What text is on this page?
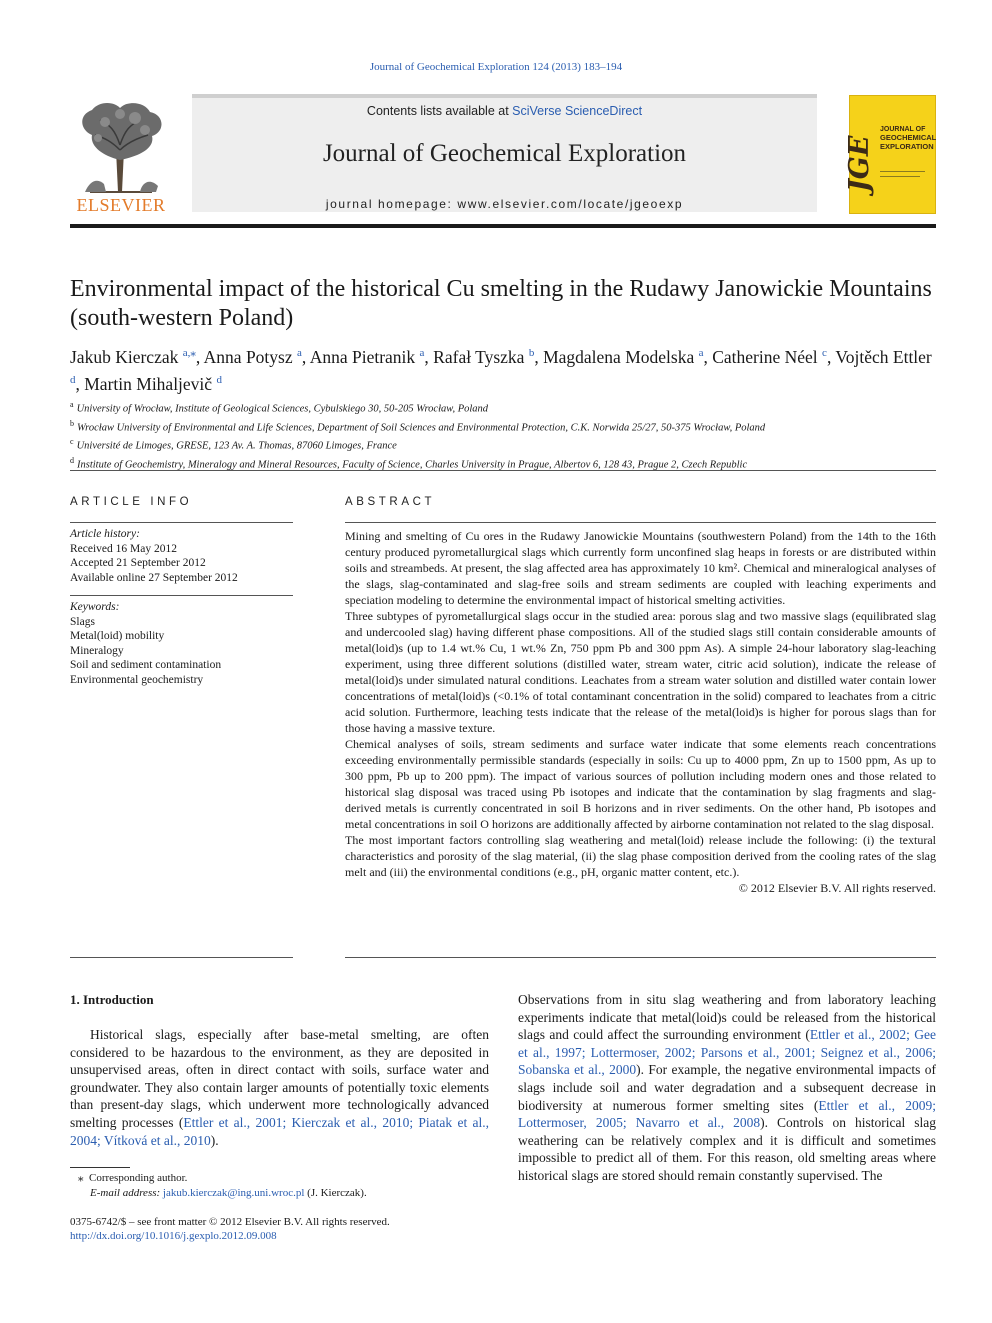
Journal of Geochemical Exploration 124 (2013) 183–194
ELSEVIER
Contents lists available at SciVerse ScienceDirect
Journal of Geochemical Exploration
journal homepage: www.elsevier.com/locate/jgeoexp
JGE
JOURNAL OF
GEOCHEMICAL
EXPLORATION
Environmental impact of the historical Cu smelting in the Rudawy Janowickie Mountains (south-western Poland)
Jakub Kierczak $^{a,⁎}$, Anna Potysz $^a$, Anna Pietranik $^a$, Rafał Tyszka $^b$, Magdalena Modelska $^a$, Catherine Néel $^c$, Vojtěch Ettler $^d$, Martin Mihaljevič $^d$
$^a$ University of Wrocław, Institute of Geological Sciences, Cybulskiego 30, 50-205 Wrocław, Poland
$^b$ Wrocław University of Environmental and Life Sciences, Department of Soil Sciences and Environmental Protection, C.K. Norwida 25/27, 50-375 Wrocław, Poland
$^c$ Université de Limoges, GRESE, 123 Av. A. Thomas, 87060 Limoges, France
$^d$ Institute of Geochemistry, Mineralogy and Mineral Resources, Faculty of Science, Charles University in Prague, Albertov 6, 128 43, Prague 2, Czech Republic
ARTICLE INFO
Article history:
Received 16 May 2012
Accepted 21 September 2012
Available online 27 September 2012
Keywords:
Slags
Metal(loid) mobility
Mineralogy
Soil and sediment contamination
Environmental geochemistry
ABSTRACT

Mining and smelting of Cu ores in the Rudawy Janowickie Mountains (southwestern Poland) from the 14th to the 16th century produced pyrometallurgical slags which currently form unconfined slag heaps in forests or are distributed within soils and streambeds. At present, the slag affected area has approximately 10 km². Chemical and mineralogical analyses of the slags, slag-contaminated and slag-free soils and stream sediments are coupled with leaching experiments and speciation modeling to determine the environmental impact of historical smelting activities.

Three subtypes of pyrometallurgical slags occur in the studied area: porous slag and two massive slags (equilibrated slag and undercooled slag) having different phase compositions. All of the studied slags still contain considerable amounts of metal(loid)s (up to 1.4 wt.% Cu, 1 wt.% Zn, 750 ppm Pb and 300 ppm As). A simple 24-hour laboratory slag-leaching experiment, using three different solutions (distilled water, stream water, citric acid solution), indicate the release of metal(loid)s under simulated natural conditions. Leachates from a stream water solution and distilled water contain lower concentrations of metal(loid)s (<0.1% of total contaminant concentration in the solid) compared to leachates from a citric acid solution. Furthermore, leaching tests indicate that the release of the metal(loid)s is higher for porous slags than for those having a massive texture.

Chemical analyses of soils, stream sediments and surface water indicate that some elements reach concentrations exceeding environmentally permissible standards (especially in soils: Cu up to 4000 ppm, Zn up to 1500 ppm, As up to 300 ppm, Pb up to 200 ppm). The impact of various sources of pollution including modern ones and those related to historical slag disposal was traced using Pb isotopes and indicate that the contamination by slag fragments and slag-derived metals is currently concentrated in soil B horizons and in river sediments. On the other hand, Pb isotopes and metal concentrations in soil O horizons are additionally affected by airborne contamination not related to the slag disposal.

The most important factors controlling slag weathering and metal(loid) release include the following: (i) the textural characteristics and porosity of the slag material, (ii) the slag phase composition derived from the cooling rates of the slag melt and (iii) the environmental conditions (e.g., pH, organic matter content, etc.).

© 2012 Elsevier B.V. All rights reserved.

1. Introduction

Historical slags, especially after base-metal smelting, are often considered to be hazardous to the environment, as they are deposited in unsupervised areas, often in direct contact with soils, surface water and groundwater. They also contain larger amounts of potentially toxic elements than present-day slags, which underwent more technologically advanced smelting processes (Ettler et al., 2001; Kierczak et al., 2010; Piatak et al., 2004; Vítková et al., 2010).

Observations from in situ slag weathering and from laboratory leaching experiments indicate that metal(loid)s could be released from the historical slags and could affect the surrounding environment (Ettler et al., 2002; Gee et al., 1997; Lottermoser, 2002; Parsons et al., 2001; Seignez et al., 2006; Sobanska et al., 2000). For example, the negative environmental impacts of slags include soil and water degradation and a subsequent decrease in biodiversity at numerous former smelting sites (Ettler et al., 2009; Lottermoser, 2005; Navarro et al., 2008). Controls on historical slag weathering can be relatively complex and it is difficult and sometimes impossible to predict all of them. For this reason, old smelting areas where historical slags are stored should remain constantly supervised. The

⁎ Corresponding author.
E-mail address: jakub.kierczak@ing.uni.wroc.pl (J. Kierczak).
0375-6742/$ – see front matter © 2012 Elsevier B.V. All rights reserved.
http://dx.doi.org/10.1016/j.gexplo.2012.09.008
